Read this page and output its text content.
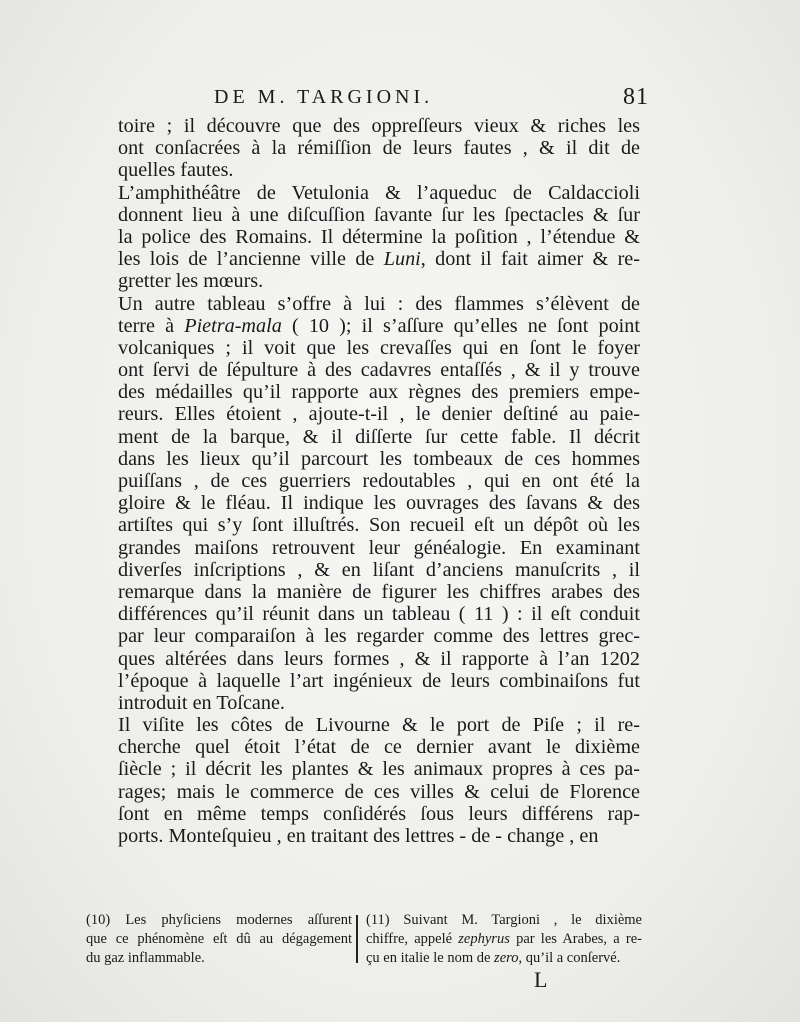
DE M. TARGIONI.	81
toire ; il découvre que des oppreſſeurs vieux & riches les
ont conſacrées à la rémiſſion de leurs fautes , & il dit de
quelles fautes.
L’amphithéâtre de Vetulonia & l’aqueduc de Caldaccioli
donnent lieu à une diſcuſſion ſavante ſur les ſpectacles & ſur
la police des Romains. Il détermine la poſition , l’étendue &
les lois de l’ancienne ville de Luni, dont il fait aimer & re-
gretter les mœurs.
Un autre tableau s’offre à lui : des flammes s’élèvent de
terre à Pietra-mala ( 10 ); il s’aſſure qu’elles ne ſont point
volcaniques ; il voit que les crevaſſes qui en ſont le foyer
ont ſervi de ſépulture à des cadavres entaſſés , & il y trouve
des médailles qu’il rapporte aux règnes des premiers empe-
reurs. Elles étoient , ajoute-t-il , le denier deſtiné au paie-
ment de la barque, & il diſſerte ſur cette fable. Il décrit
dans les lieux qu’il parcourt les tombeaux de ces hommes
puiſſans , de ces guerriers redoutables , qui en ont été la
gloire & le fléau. Il indique les ouvrages des ſavans & des
artiſtes qui s’y ſont illuſtrés. Son recueil eſt un dépôt où les
grandes maiſons retrouvent leur généalogie. En examinant
diverſes inſcriptions , & en liſant d’anciens manuſcrits , il
remarque dans la manière de figurer les chiffres arabes des
différences qu’il réunit dans un tableau ( 11 ) : il eſt conduit
par leur comparaiſon à les regarder comme des lettres grec-
ques altérées dans leurs formes , & il rapporte à l’an 1202
l’époque à laquelle l’art ingénieux de leurs combinaiſons fut
introduit en Toſcane.
Il viſite les côtes de Livourne & le port de Piſe ; il re-
cherche quel étoit l’état de ce dernier avant le dixième
ſiècle ; il décrit les plantes & les animaux propres à ces pa-
rages; mais le commerce de ces villes & celui de Florence
ſont en même temps conſidérés ſous leurs différens rap-
ports. Monteſquieu , en traitant des lettres - de - change , en
(10) Les phyſiciens modernes aſſurent
que ce phénomène eſt dû au dégagement
du gaz inflammable.
(11) Suivant M. Targioni , le dixième
chiffre, appelé zephyrus par les Arabes, a re-
çu en italie le nom de zero, qu’il a conſervé.
L
